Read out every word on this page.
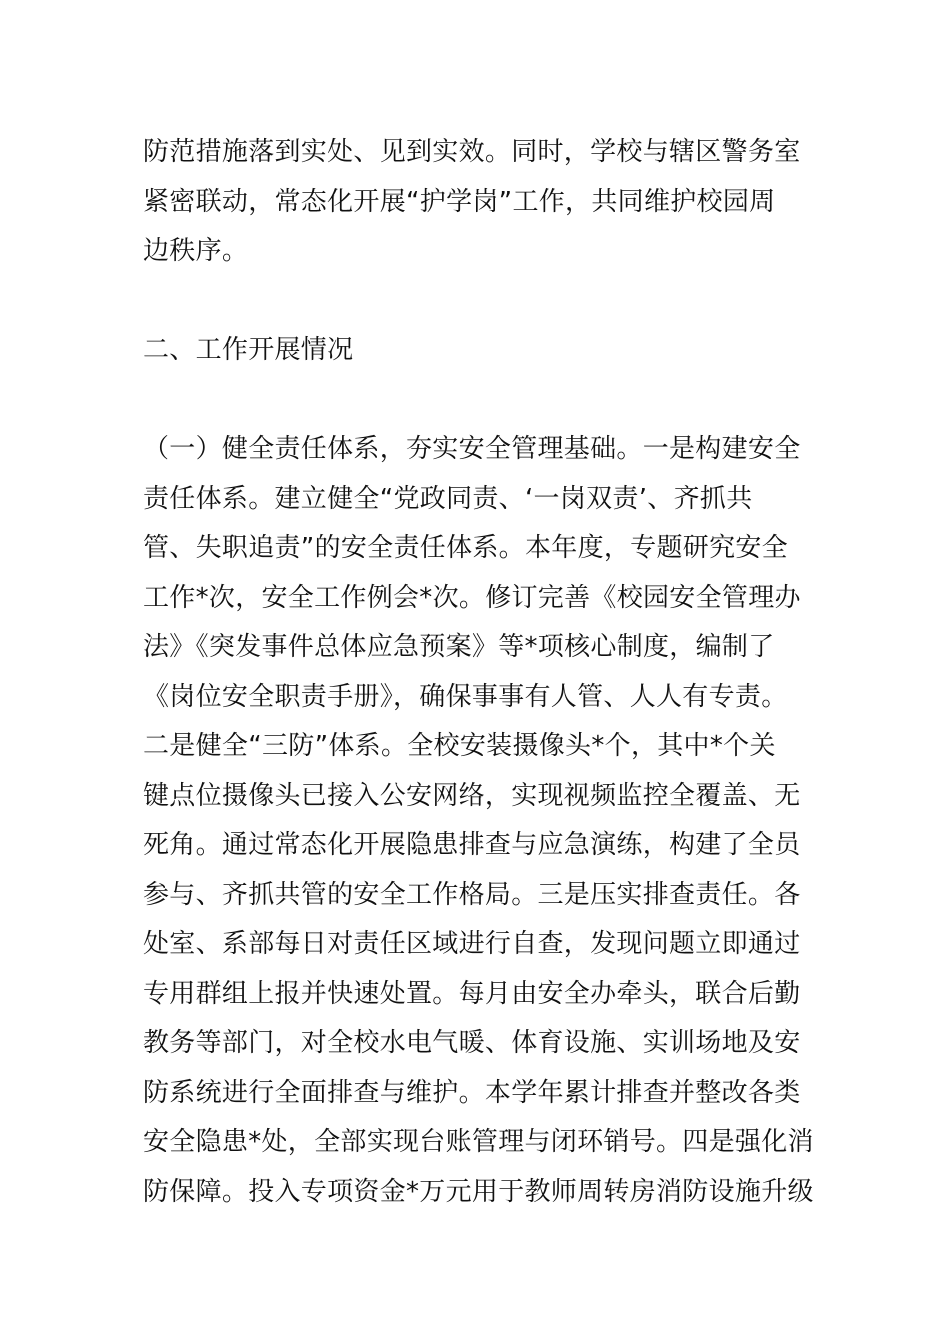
防范措施落到实处、见到实效。同时，学校与辖区警务室
紧密联动，常态化开展“护学岗”工作，共同维护校园周
边秩序。
二、工作开展情况
（一）健全责任体系，夯实安全管理基础。一是构建安全
责任体系。建立健全“党政同责、‘一岗双责’、齐抓共
管、失职追责”的安全责任体系。本年度，专题研究安全
工作*次，安全工作例会*次。修订完善《校园安全管理办
法》《突发事件总体应急预案》等*项核心制度，编制了
《岗位安全职责手册》，确保事事有人管、人人有专责。
二是健全“三防”体系。全校安装摄像头*个，其中*个关
键点位摄像头已接入公安网络，实现视频监控全覆盖、无
死角。通过常态化开展隐患排查与应急演练，构建了全员
参与、齐抓共管的安全工作格局。三是压实排查责任。各
处室、系部每日对责任区域进行自查，发现问题立即通过
专用群组上报并快速处置。每月由安全办牵头，联合后勤
教务等部门，对全校水电气暖、体育设施、实训场地及安
防系统进行全面排查与维护。本学年累计排查并整改各类
安全隐患*处，全部实现台账管理与闭环销号。四是强化消
防保障。投入专项资金*万元用于教师周转房消防设施升级
